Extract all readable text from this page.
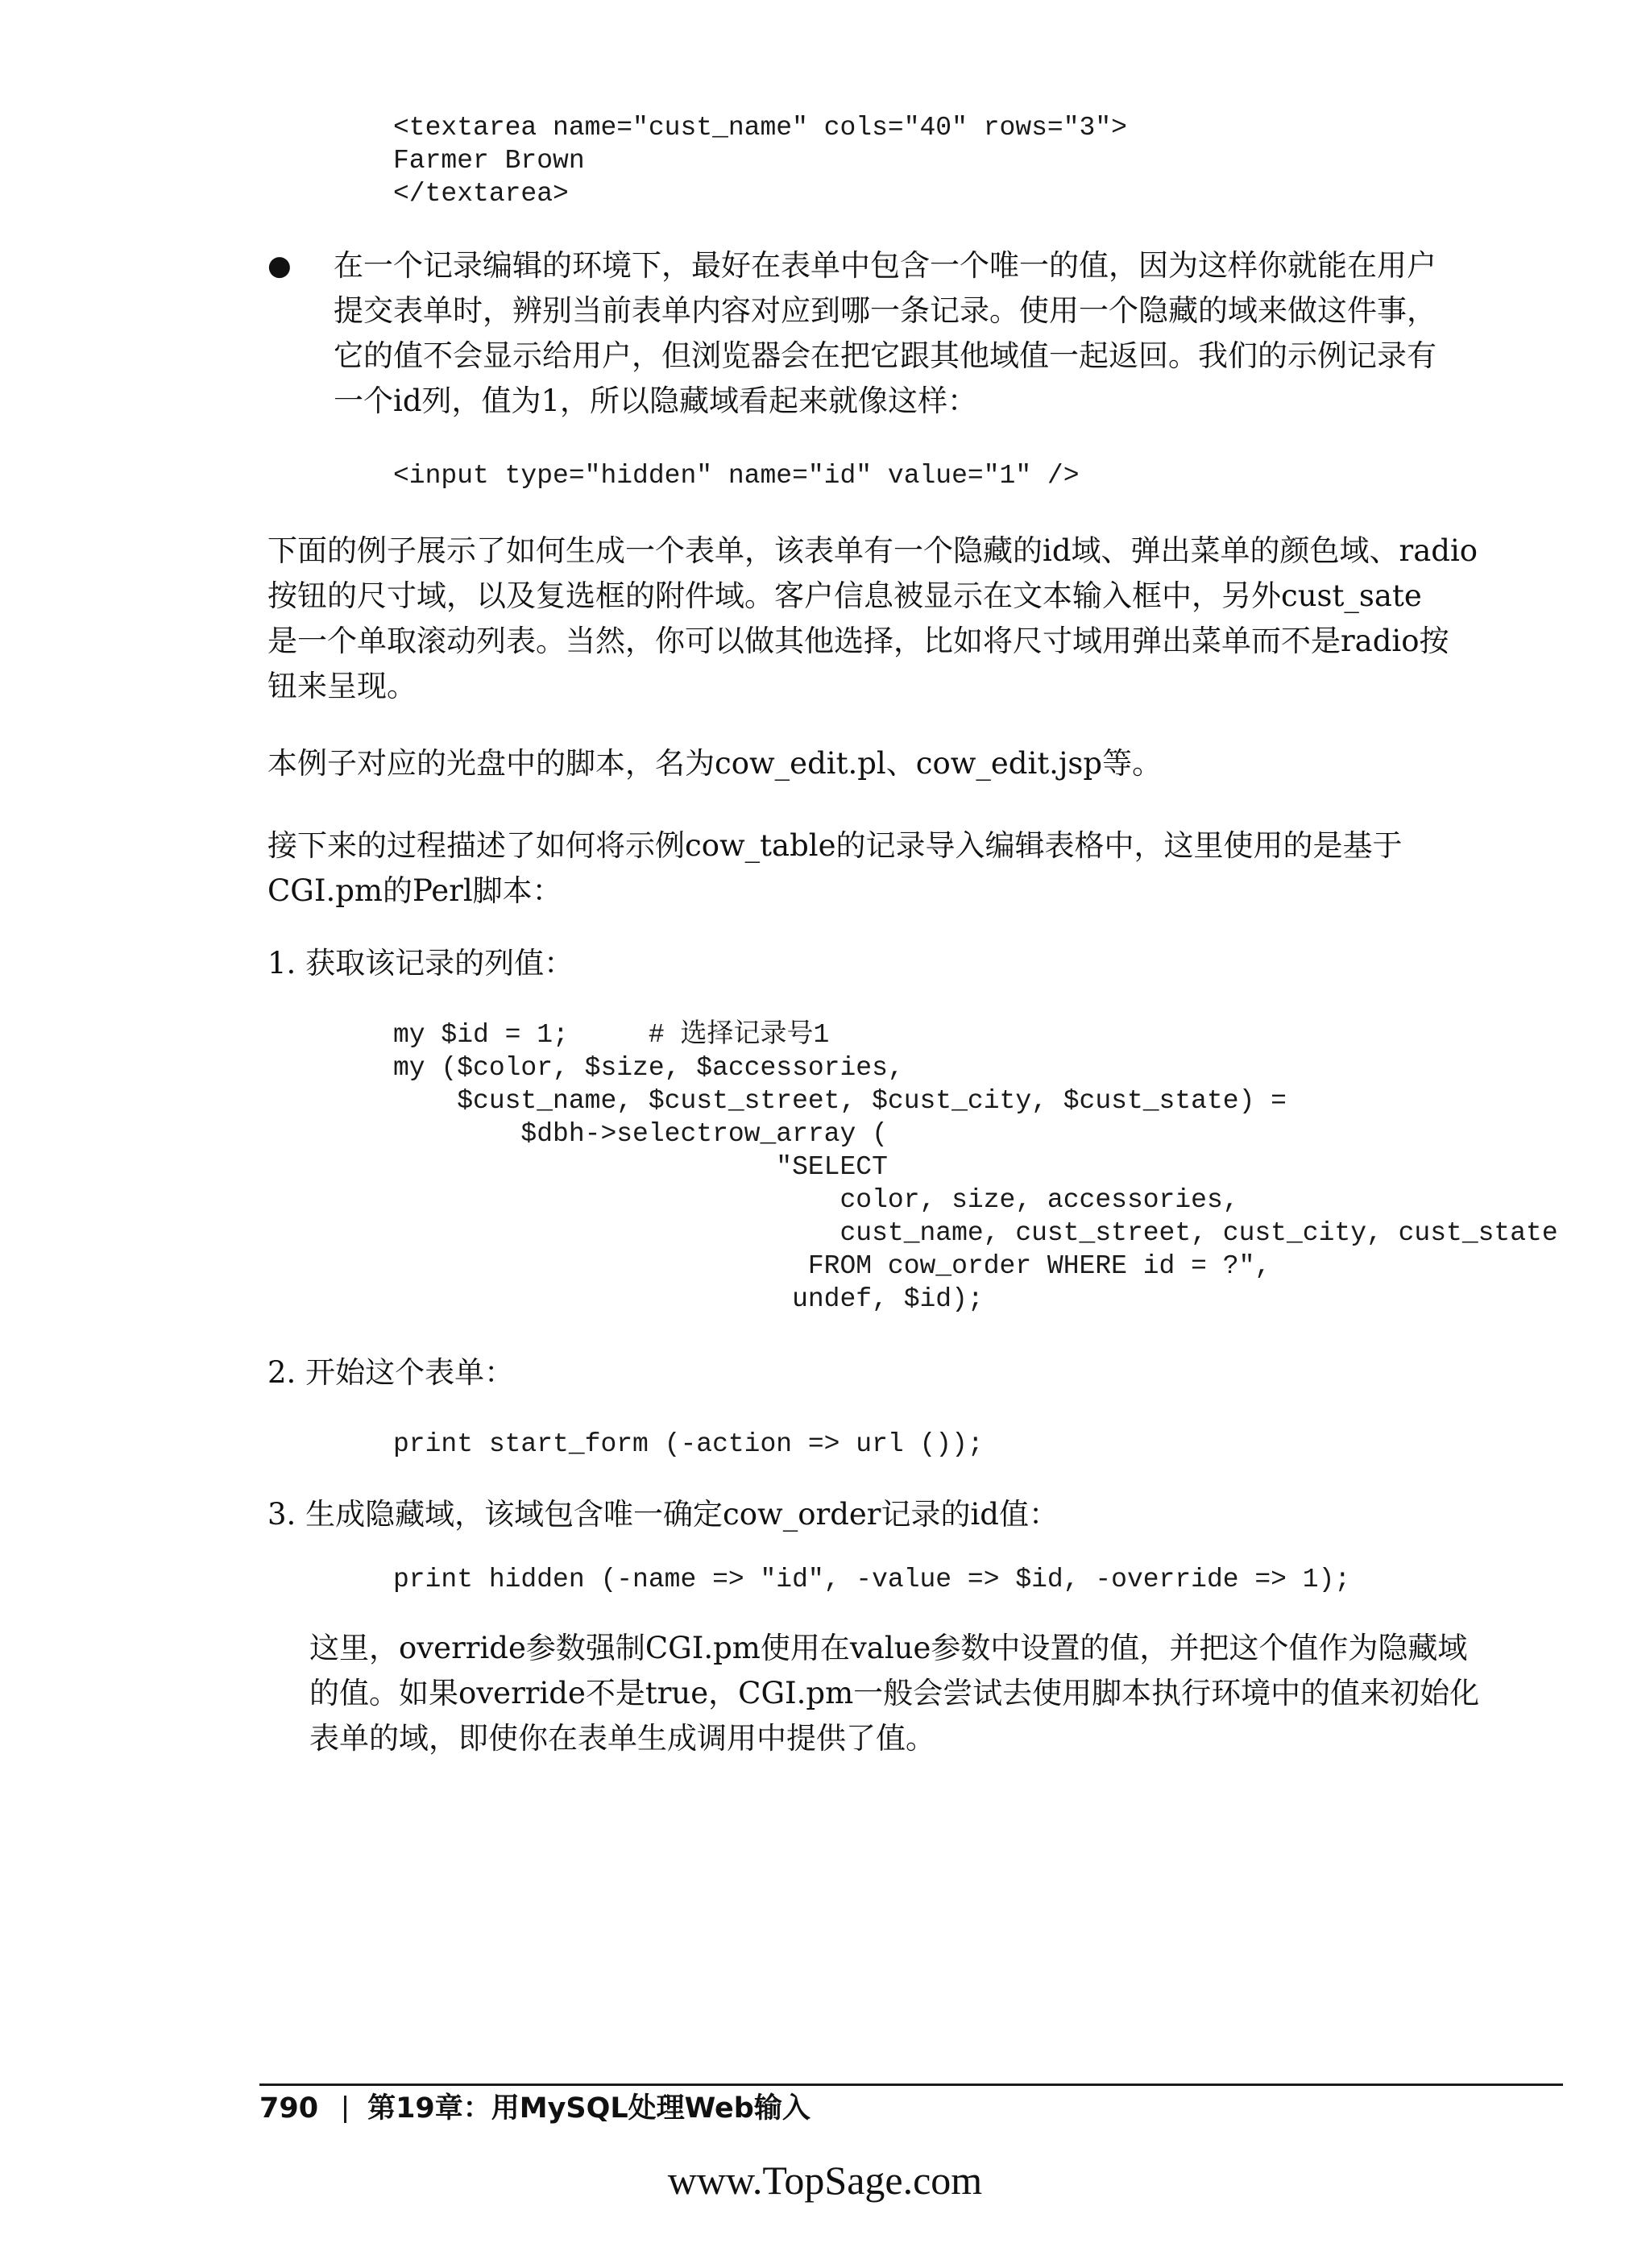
<textarea name="cust_name" cols="40" rows="3">
Farmer Brown
</textarea>
● 在一个记录编辑的环境下，最好在表单中包含一个唯一的值，因为这样你就能在用户
提交表单时，辨别当前表单内容对应到哪一条记录。使用一个隐藏的域来做这件事，
它的值不会显示给用户，但浏览器会在把它跟其他域值一起返回。我们的示例记录有
一个id列，值为1，所以隐藏域看起来就像这样：
<input type="hidden" name="id" value="1" />
下面的例子展示了如何生成一个表单，该表单有一个隐藏的id域、弹出菜单的颜色域、radio
按钮的尺寸域，以及复选框的附件域。客户信息被显示在文本输入框中，另外cust_sate
是一个单取滚动列表。当然，你可以做其他选择，比如将尺寸域用弹出菜单而不是radio按
钮来呈现。
本例子对应的光盘中的脚本，名为cow_edit.pl、cow_edit.jsp等。
接下来的过程描述了如何将示例cow_table的记录导入编辑表格中，这里使用的是基于
CGI.pm的Perl脚本：
1. 获取该记录的列值：
my $id = 1;     # 选择记录号1
my ($color, $size, $accessories,
$cust_name, $cust_street, $cust_city, $cust_state) =
$dbh->selectrow_array (
"SELECT
color, size, accessories,
cust_name, cust_street, cust_city, cust_state
FROM cow_order WHERE id = ?",
undef, $id);
2. 开始这个表单：
print start_form (-action => url ());
3. 生成隐藏域，该域包含唯一确定cow_order记录的id值：
print hidden (-name => "id", -value => $id, -override => 1);
这里，override参数强制CGI.pm使用在value参数中设置的值，并把这个值作为隐藏域
的值。如果override不是true，CGI.pm一般会尝试去使用脚本执行环境中的值来初始化
表单的域，即使你在表单生成调用中提供了值。
790 第19章：用MySQL处理Web输入
www.TopSage.com
